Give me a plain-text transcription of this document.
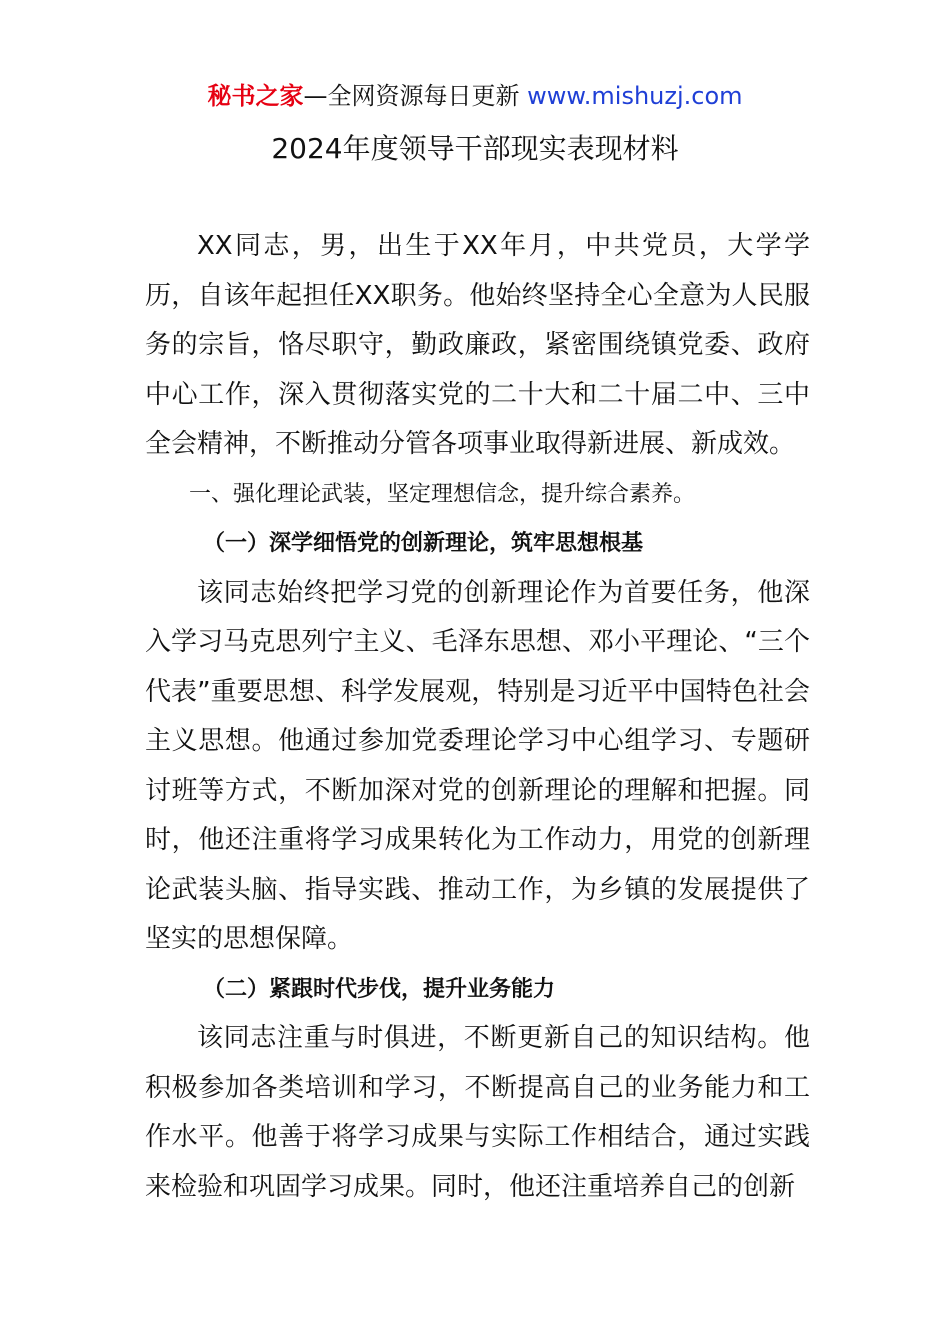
秘书之家—全网资源每日更新 www.mishuzj.com
2024年度领导干部现实表现材料

XX同志，男，出生于XX年月，中共党员，大学学历，自该年起担任XX职务。他始终坚持全心全意为人民服务的宗旨，恪尽职守，勤政廉政，紧密围绕镇党委、政府中心工作，深入贯彻落实党的二十大和二十届二中、三中全会精神，不断推动分管各项事业取得新进展、新成效。

一、强化理论武装，坚定理想信念，提升综合素养。

（一）深学细悟党的创新理论，筑牢思想根基

该同志始终把学习党的创新理论作为首要任务，他深入学习马克思列宁主义、毛泽东思想、邓小平理论、“三个代表”重要思想、科学发展观，特别是习近平中国特色社会主义思想。他通过参加党委理论学习中心组学习、专题研讨班等方式，不断加深对党的创新理论的理解和把握。同时，他还注重将学习成果转化为工作动力，用党的创新理论武装头脑、指导实践、推动工作，为乡镇的发展提供了坚实的思想保障。

（二）紧跟时代步伐，提升业务能力

该同志注重与时俱进，不断更新自己的知识结构。他积极参加各类培训和学习，不断提高自己的业务能力和工作水平。他善于将学习成果与实际工作相结合，通过实践来检验和巩固学习成果。同时，他还注重培养自己的创新
